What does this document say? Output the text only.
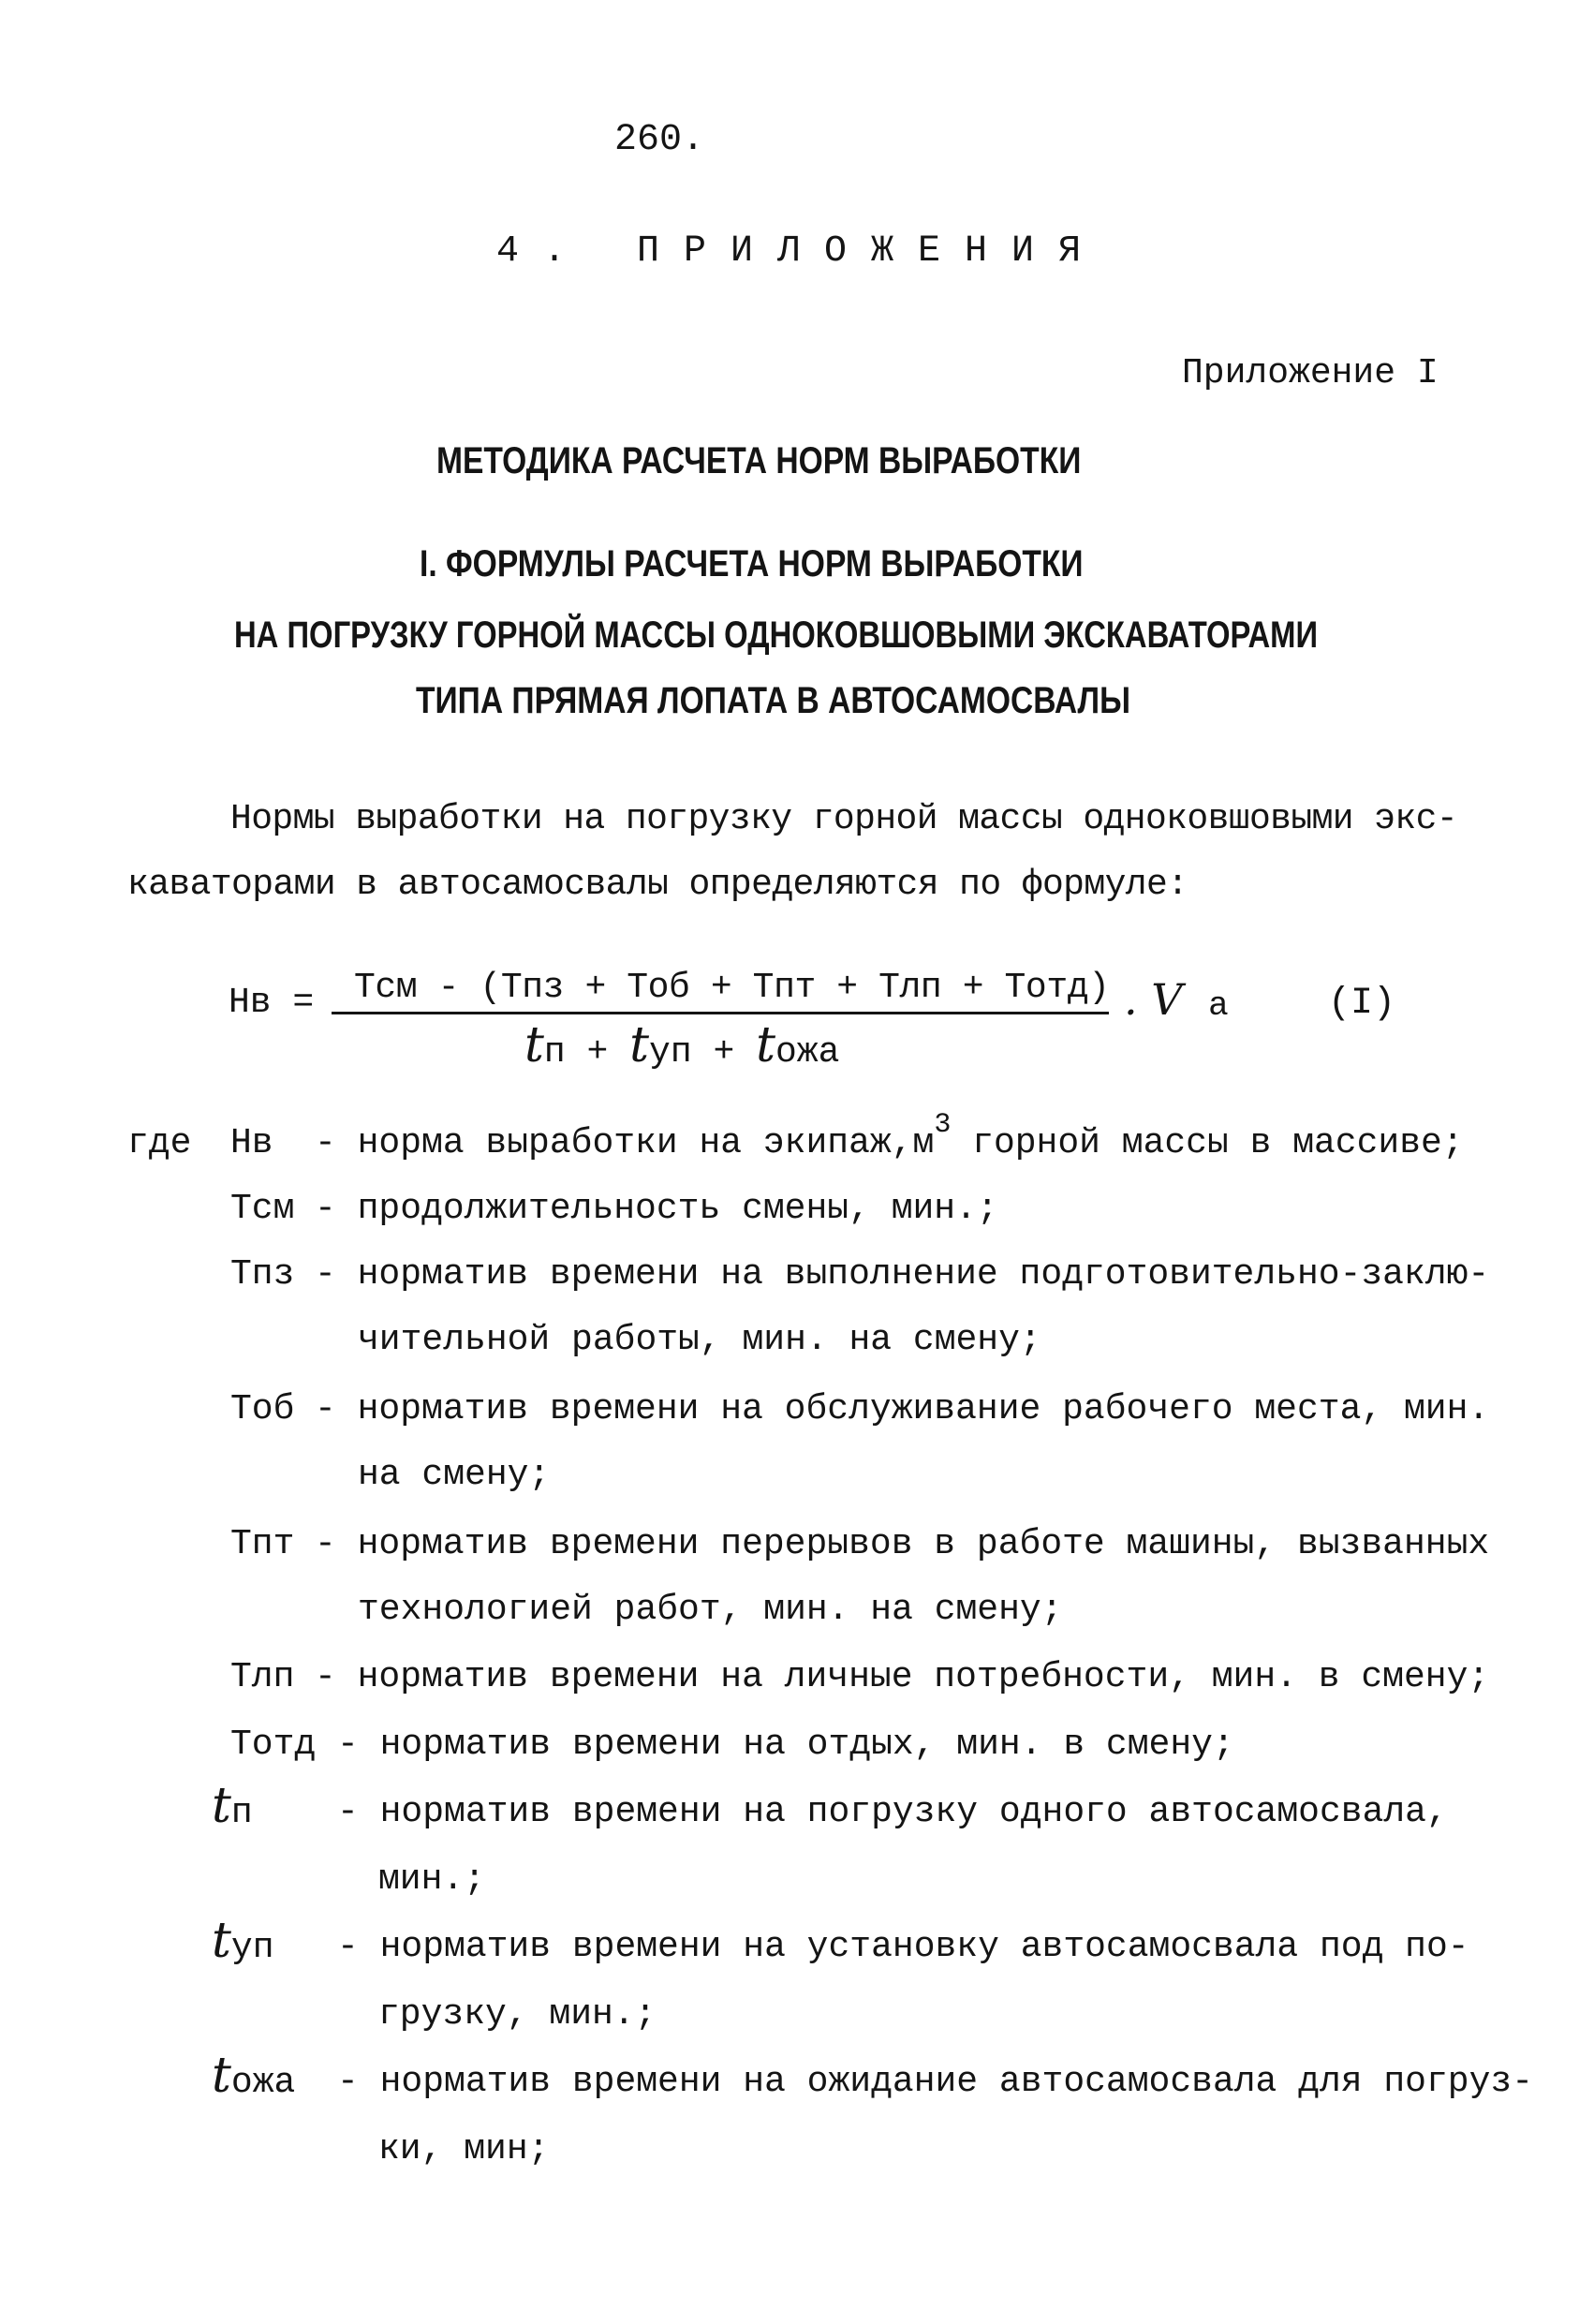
260.
4. ПРИЛОЖЕНИЯ
Приложение I
МЕТОДИКА РАСЧЕТА НОРМ ВЫРАБОТКИ
I. ФОРМУЛЫ РАСЧЕТА НОРМ ВЫРАБОТКИ
НА ПОГРУЗКУ ГОРНОЙ МАССЫ ОДНОКОВШОВЫМИ ЭКСКАВАТОРАМИ
ТИПА ПРЯМАЯ ЛОПАТА В АВТОСАМОСВАЛЫ
Нормы выработки на погрузку горной массы одноковшовыми экс-
каваторами в автосамосвалы определяются по формуле:
Нв = Тсм - (Тпз + Тоб + Тпт + Тлп + Тотд)
tп + tуп + tожа
. V а	(I)
где Нв - норма выработки на $экипаж,м^3$ горной массы в массиве;
Тсм - продолжительность смены, мин.;
Тпз - норматив времени на выполнение подготовительно-заклю-
чительной работы, мин. на смену;
Тоб - норматив времени на обслуживание рабочего места, мин.
на смену;
Тпт - норматив времени перерывов в работе машины, вызванных
технологией работ, мин. на смену;
Тлп - норматив времени на личные потребности, мин. в смену;
Тотд - норматив времени на отдых, мин. в смену;
tп - норматив времени на погрузку одного автосамосвала,
мин.;
tуп - норматив времени на установку автосамосвала под по-
грузку, мин.;
tожа - норматив времени на ожидание автосамосвала для погруз-
ки, мин;
